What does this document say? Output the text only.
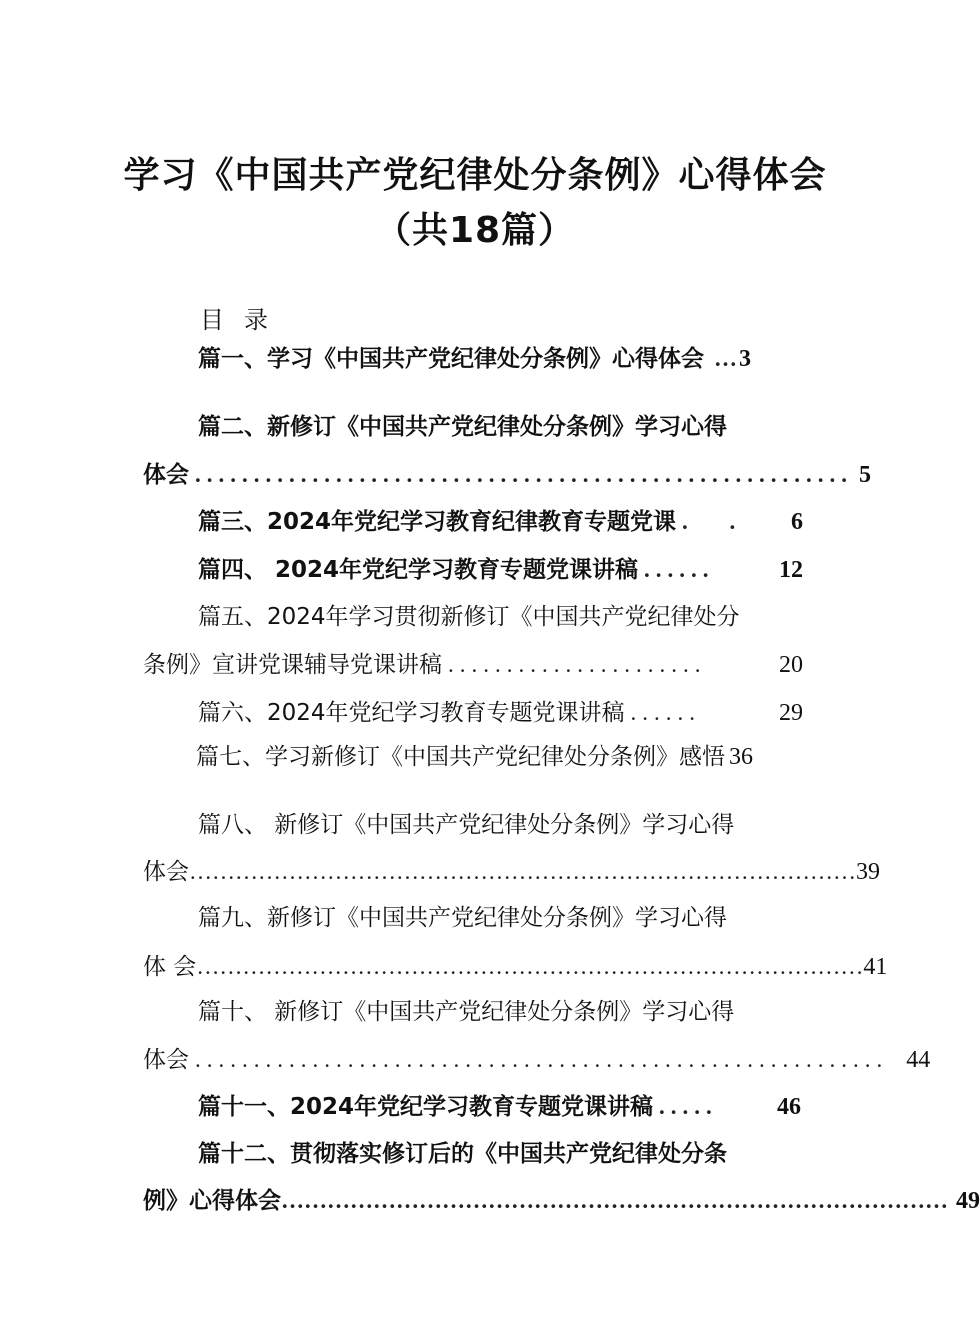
学习《中国共产党纪律处分条例》心得体会
（共18篇）
目录
篇一、学习《中国共产党纪律处分条例》心得体会 … 3
篇二、新修订《中国共产党纪律处分条例》学习心得
体会 ........................................................ 5
篇三、2024年党纪学习教育纪律教育专题党课 . .	6
篇四、 2024年党纪学习教育专题党课讲稿 ......	12
篇五、2024年学习贯彻新修订《中国共产党纪律处分
条例》宣讲党课辅导党课讲稿 ......................	20
篇六、2024年党纪学习教育专题党课讲稿 ......	29
篇七、学习新修订《中国共产党纪律处分条例》感悟 36
篇八、 新修订《中国共产党纪律处分条例》学习心得
体会 …………………………………………………………………………… 39
篇九、新修订《中国共产党纪律处分条例》学习心得
体 会 …………………………………………………………………………… 41
篇十、 新修订《中国共产党纪律处分条例》学习心得
体会 ........................................................... 44
篇十一、2024年党纪学习教育专题党课讲稿 .....	46
篇十二、贯彻落实修订后的《中国共产党纪律处分条
例》心得体会 …………………………………………………………………………… 49
